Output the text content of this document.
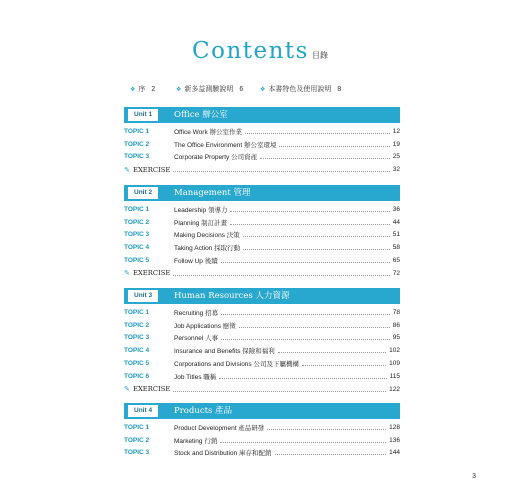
Contents 目錄
❖ 序 2	❖ 新多益測驗說明 6	❖ 本書特色及使用說明 8
Unit 1	Office 辦公室
TOPIC 1	Office Work 辦公室作業	12
TOPIC 2	The Office Environment 辦公室環境	19
TOPIC 3	Corporate Property 公司資產	25
✎ EXERCISE	32
Unit 2	Management 管理
TOPIC 1	Leadership 領導力	36
TOPIC 2	Planning 制訂計畫	44
TOPIC 3	Making Decisions 決策	51
TOPIC 4	Taking Action 採取行動	58
TOPIC 5	Follow Up 後續	65
✎ EXERCISE	72
Unit 3	Human Resources 人力資源
TOPIC 1	Recruiting 招募	78
TOPIC 2	Job Applications 應徵	86
TOPIC 3	Personnel 人事	95
TOPIC 4	Insurance and Benefits 保險和福利	102
TOPIC 5	Corporations and Divisions 公司及下屬機構	109
TOPIC 6	Job Titles 職稱	115
✎ EXERCISE	122
Unit 4	Products 產品
TOPIC 1	Product Development 產品研發	128
TOPIC 2	Marketing 行銷	136
TOPIC 3	Stock and Distribution 庫存和配銷	144
3
